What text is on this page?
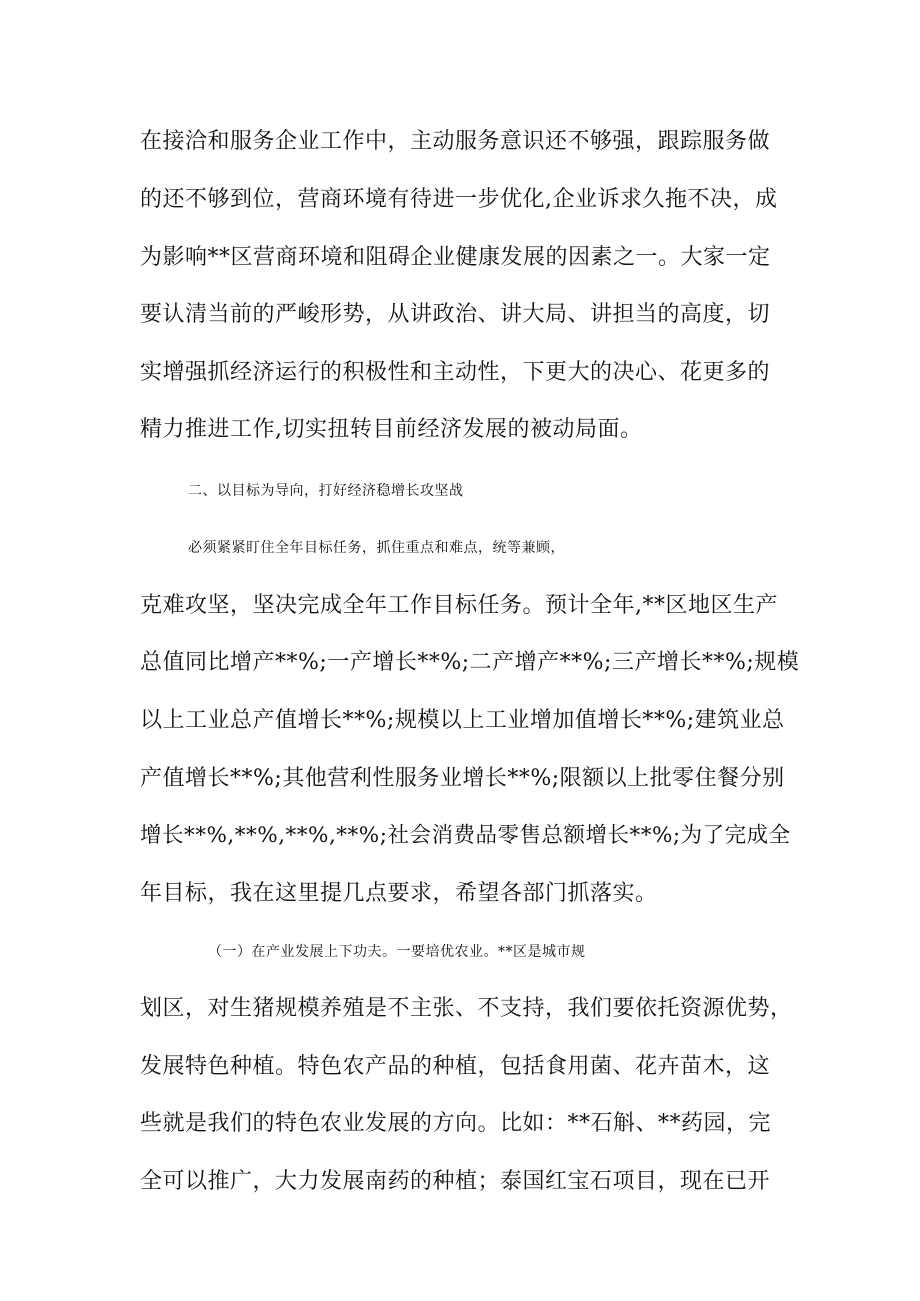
在接洽和服务企业工作中，主动服务意识还不够强，跟踪服务做
的还不够到位，营商环境有待进一步优化,企业诉求久拖不决，成
为影响**区营商环境和阻碍企业健康发展的因素之一。大家一定
要认清当前的严峻形势，从讲政治、讲大局、讲担当的高度，切
实增强抓经济运行的积极性和主动性，下更大的决心、花更多的
精力推进工作,切实扭转目前经济发展的被动局面。
二、以目标为导向，打好经济稳增长攻坚战
必须紧紧盯住全年目标任务，抓住重点和难点，统等兼顾，
克难攻坚，坚决完成全年工作目标任务。预计全年,**区地区生产
总值同比增产**%;一产增长**%;二产增产**%;三产增长**%;规模
以上工业总产值增长**%;规模以上工业增加值增长**%;建筑业总
产值增长**%;其他营利性服务业增长**%;限额以上批零住餐分别
增长**%,**%,**%,**%;社会消费品零售总额增长**%;为了完成全
年目标，我在这里提几点要求，希望各部门抓落实。
（一）在产业发展上下功夫。一要培优农业。**区是城市规
划区，对生猪规模养殖是不主张、不支持，我们要依托资源优势，
发展特色种植。特色农产品的种植，包括食用菌、花卉苗木，这
些就是我们的特色农业发展的方向。比如：**石斛、**药园，完
全可以推广，大力发展南药的种植；泰国红宝石项目，现在已开
